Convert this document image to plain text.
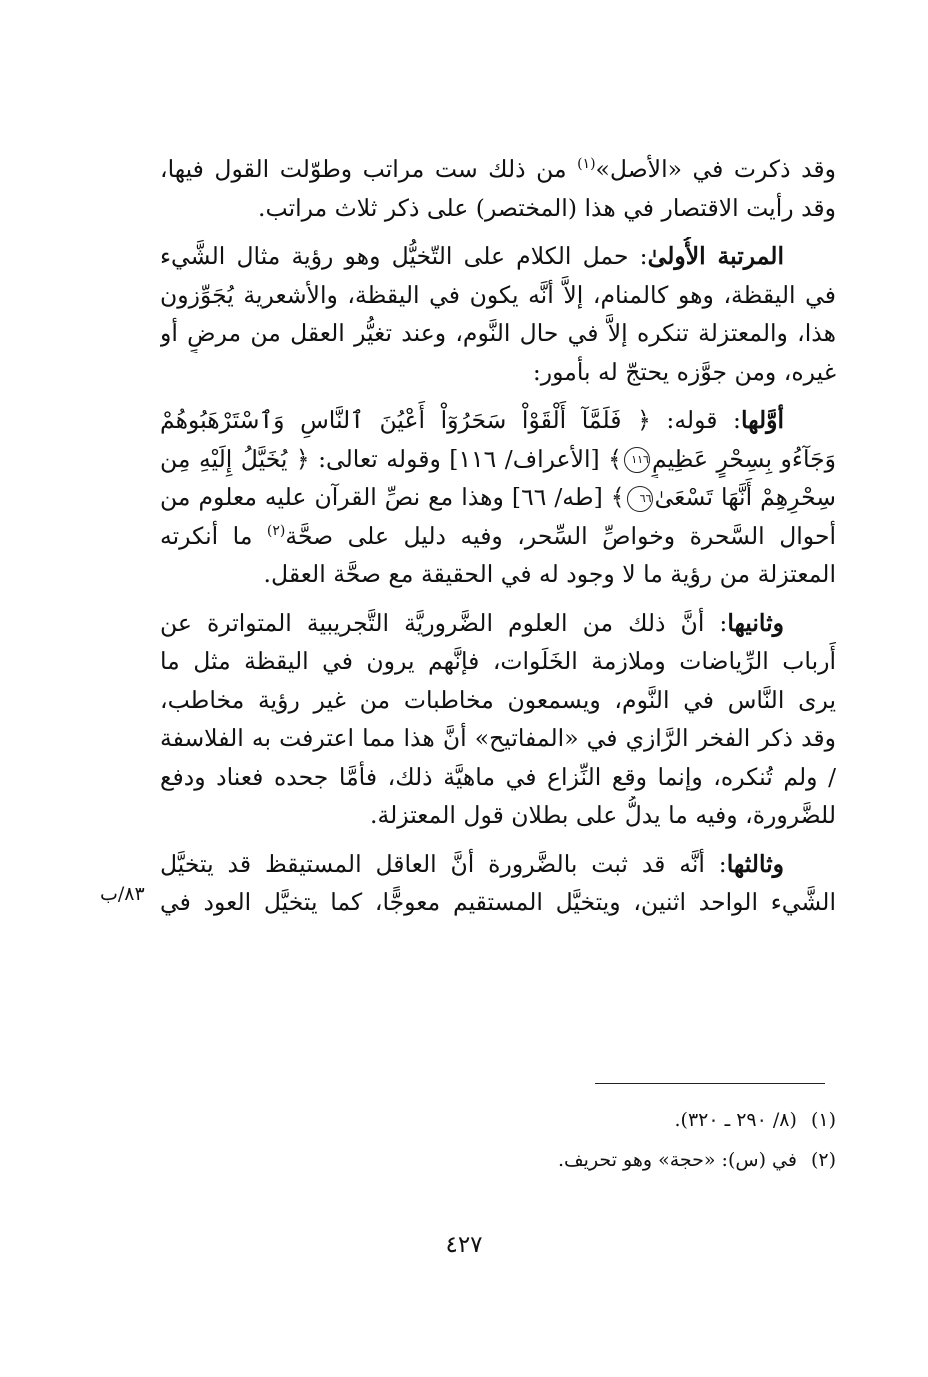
وقد ذكرت في «الأصل»$^{(١)}$ من ذلك ست مراتب وطوّلت القول فيها،
وقد رأيت الاقتصار في هذا (المختصر) على ذكر ثلاث مراتب.
المرتبة الأُولىٰ: حمل الكلام على التّخيُّل وهو رؤية مثال الشَّيء
في اليقظة، وهو كالمنام، إلاَّ أنَّه يكون في اليقظة، والأشعرية يُجَوِّزون
هذا، والمعتزلة تنكره إلاَّ في حال النَّوم، وعند تغيُّر العقل من مرضٍ أو
غيره، ومن جوَّزه يحتجّ له بأمور:
أوَّلها: قوله: ﴿ فَلَمَّآ أَلْقَوْاْ سَحَرُوٓاْ أَعْيُنَ ٱلنَّاسِ وَٱسْتَرْهَبُوهُمْ
وَجَآءُو بِسِحْرٍ عَظِيمٍ١١٦﴾ [الأعراف/ ١١٦] وقوله تعالى: ﴿ يُخَيَّلُ إِلَيْهِ مِن
سِحْرِهِمْ أَنَّهَا تَسْعَىٰ٦٦﴾ [طه/ ٦٦] وهذا مع نصِّ القرآن عليه معلوم من
أحوال السَّحرة وخواصِّ السِّحر، وفيه دليل على صحَّة$^{(٢)}$ ما أنكرته
المعتزلة من رؤية ما لا وجود له في الحقيقة مع صحَّة العقل.
وثانيها: أنَّ ذلك من العلوم الضَّروريَّة التَّجريبية المتواترة عن
أَرباب الرِّياضات وملازمة الخَلَوات، فإنَّهم يرون في اليقظة مثل ما
يرى النَّاس في النَّوم، ويسمعون مخاطبات من غير رؤية مخاطب،
وقد ذكر الفخر الرَّازي في «المفاتيح» أنَّ هذا مما اعترفت به الفلاسفة
/ ولم تُنكره، وإنما وقع النِّزاع في ماهيَّة ذلك، فأمَّا جحده فعناد ودفع
للضَّرورة، وفيه ما يدلُّ على بطلان قول المعتزلة.
وثالثها: أنَّه قد ثبت بالضَّرورة أنَّ العاقل المستيقظ قد يتخيَّل
الشَّيء الواحد اثنين، ويتخيَّل المستقيم معوجًّا، كما يتخيَّل العود في
٨٣/ب
(١)(٨/ ٢٩٠ ـ ٣٢٠).
(٢)في (س): «حجة» وهو تحريف.
٤٢٧
